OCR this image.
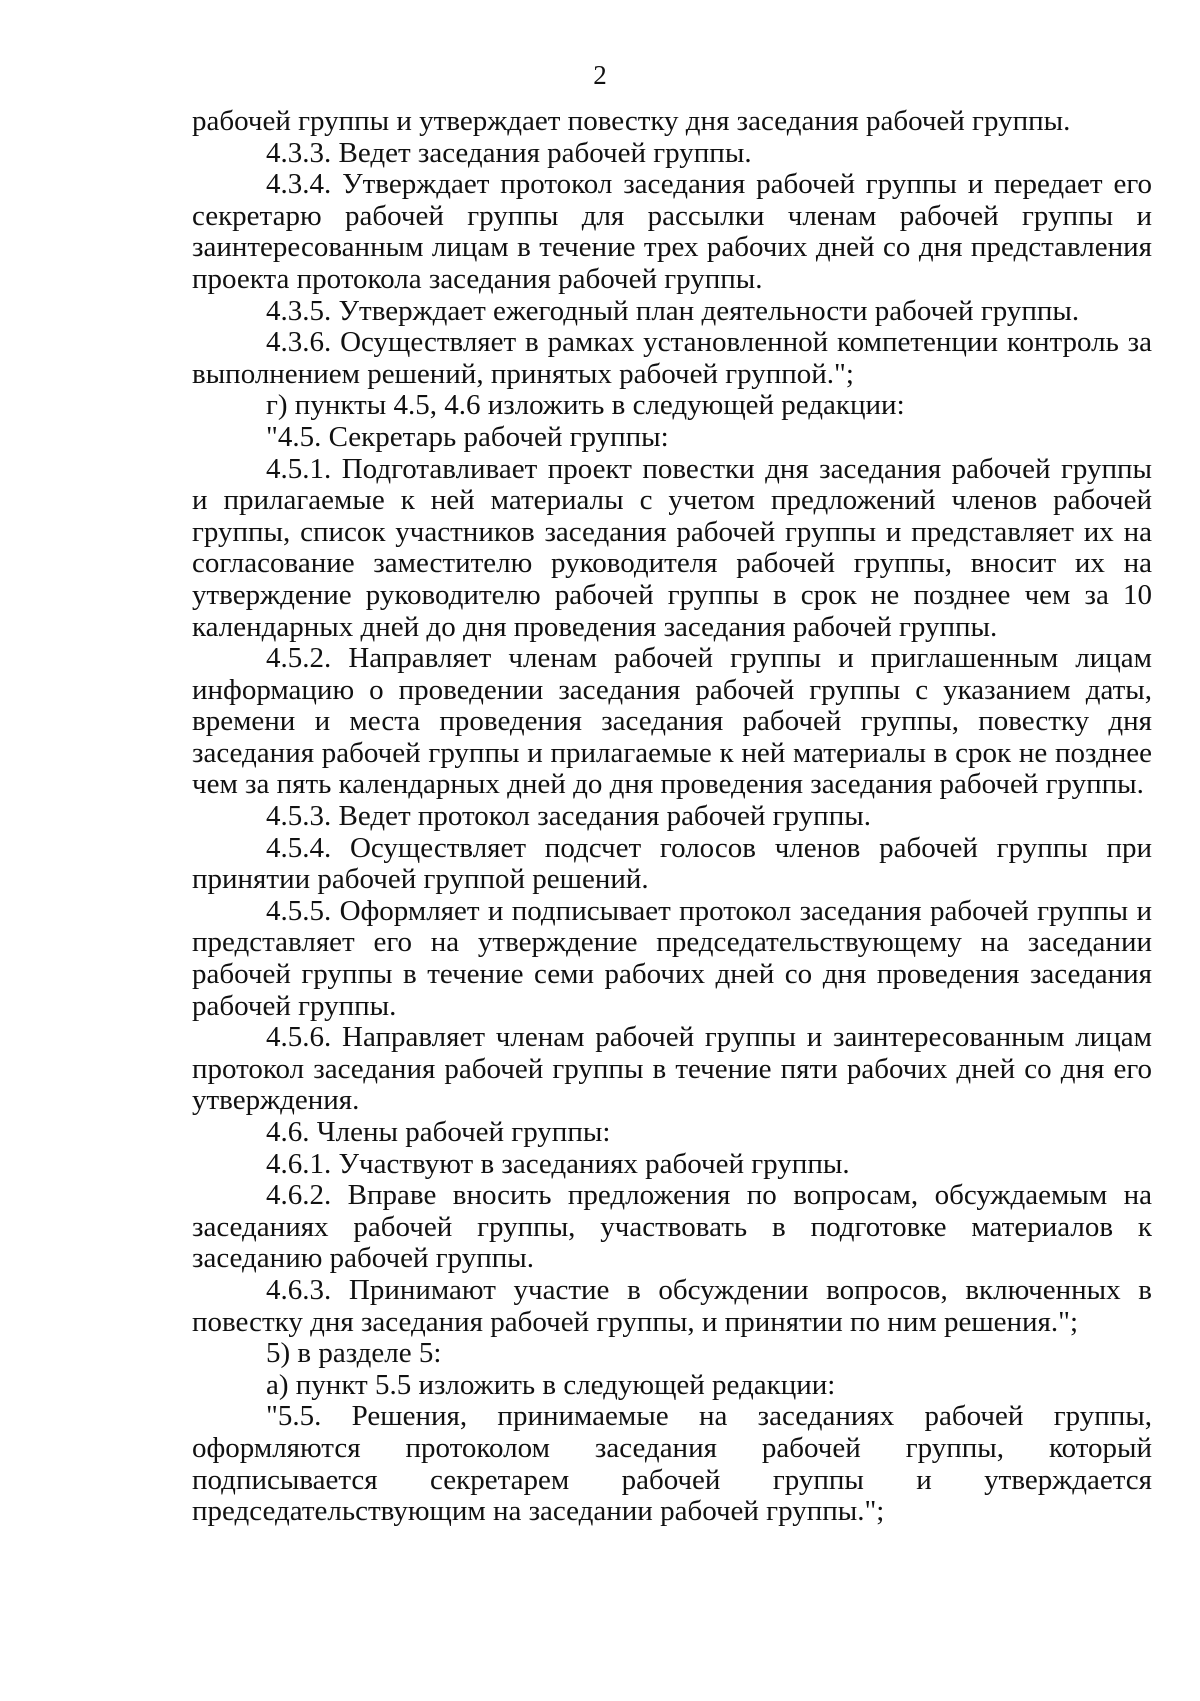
2

рабочей группы и утверждает повестку дня заседания рабочей группы.

4.3.3. Ведет заседания рабочей группы.

4.3.4. Утверждает протокол заседания рабочей группы и передает его секретарю рабочей группы для рассылки членам рабочей группы и заинтересованным лицам в течение трех рабочих дней со дня представления проекта протокола заседания рабочей группы.

4.3.5. Утверждает ежегодный план деятельности рабочей группы.

4.3.6. Осуществляет в рамках установленной компетенции контроль за выполнением решений, принятых рабочей группой.";

г) пункты 4.5, 4.6 изложить в следующей редакции:

"4.5. Секретарь рабочей группы:

4.5.1. Подготавливает проект повестки дня заседания рабочей группы и прилагаемые к ней материалы с учетом предложений членов рабочей группы, список участников заседания рабочей группы и представляет их на согласование заместителю руководителя рабочей группы, вносит их на утверждение руководителю рабочей группы в срок не позднее чем за 10 календарных дней до дня проведения заседания рабочей группы.

4.5.2. Направляет членам рабочей группы и приглашенным лицам информацию о проведении заседания рабочей группы с указанием даты, времени и места проведения заседания рабочей группы, повестку дня заседания рабочей группы и прилагаемые к ней материалы в срок не позднее чем за пять календарных дней до дня проведения заседания рабочей группы.

4.5.3. Ведет протокол заседания рабочей группы.

4.5.4. Осуществляет подсчет голосов членов рабочей группы при принятии рабочей группой решений.

4.5.5. Оформляет и подписывает протокол заседания рабочей группы и представляет его на утверждение председательствующему на заседании рабочей группы в течение семи рабочих дней со дня проведения заседания рабочей группы.

4.5.6. Направляет членам рабочей группы и заинтересованным лицам протокол заседания рабочей группы в течение пяти рабочих дней со дня его утверждения.

4.6. Члены рабочей группы:

4.6.1. Участвуют в заседаниях рабочей группы.

4.6.2. Вправе вносить предложения по вопросам, обсуждаемым на заседаниях рабочей группы, участвовать в подготовке материалов к заседанию рабочей группы.

4.6.3. Принимают участие в обсуждении вопросов, включенных в повестку дня заседания рабочей группы, и принятии по ним решения.";

5) в разделе 5:

а) пункт 5.5 изложить в следующей редакции:

"5.5. Решения, принимаемые на заседаниях рабочей группы, оформляются протоколом заседания рабочей группы, который подписывается секретарем рабочей группы и утверждается председательствующим на заседании рабочей группы.";
